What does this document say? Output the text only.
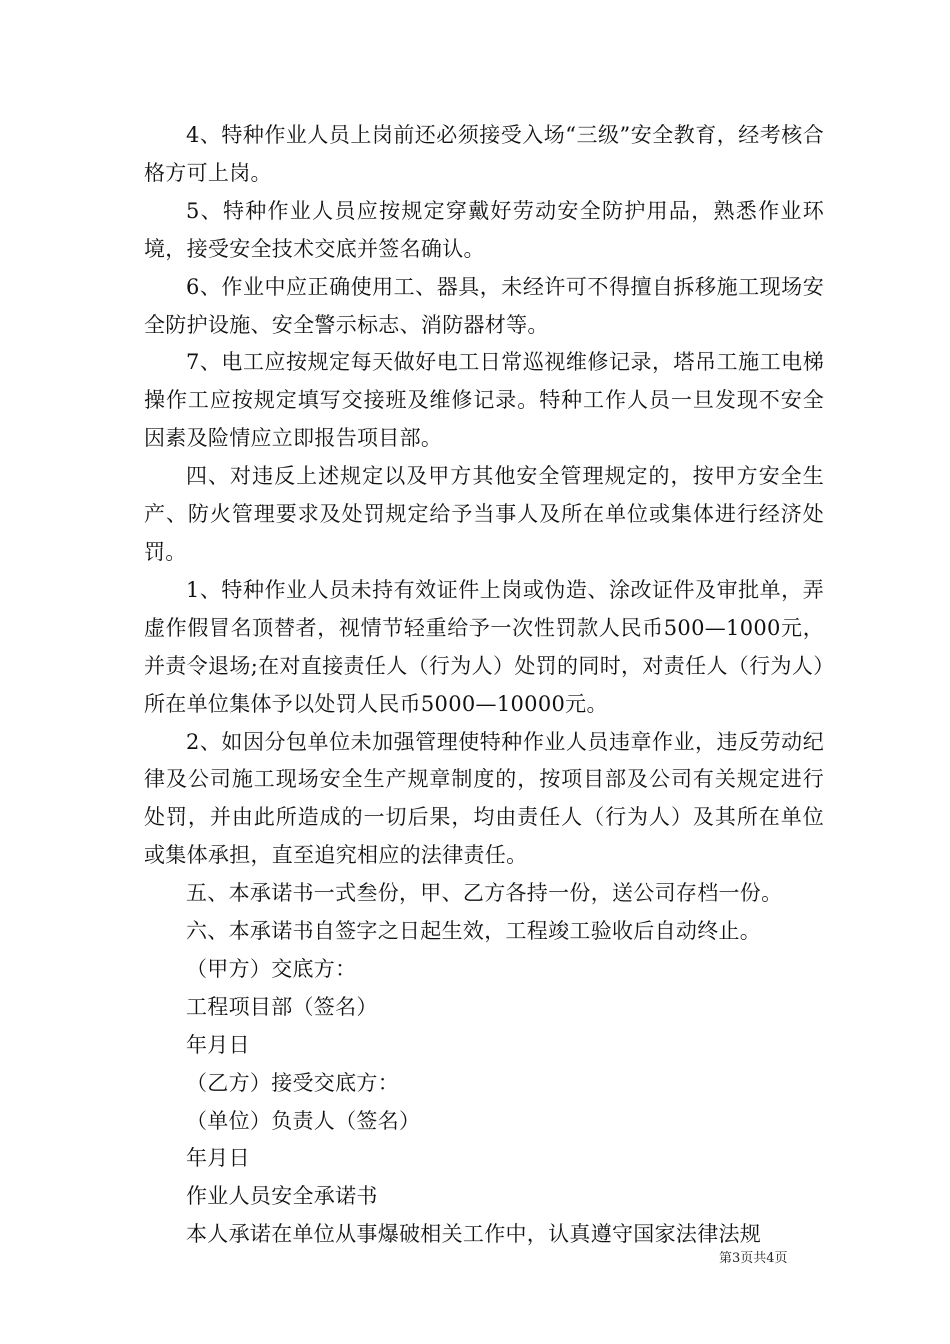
4、特种作业人员上岗前还必须接受入场“三级”安全教育，经考核合格方可上岗。

5、特种作业人员应按规定穿戴好劳动安全防护用品，熟悉作业环境，接受安全技术交底并签名确认。

6、作业中应正确使用工、器具，未经许可不得擅自拆移施工现场安全防护设施、安全警示标志、消防器材等。

7、电工应按规定每天做好电工日常巡视维修记录，塔吊工施工电梯操作工应按规定填写交接班及维修记录。特种工作人员一旦发现不安全因素及险情应立即报告项目部。

四、对违反上述规定以及甲方其他安全管理规定的，按甲方安全生产、防火管理要求及处罚规定给予当事人及所在单位或集体进行经济处罚。

1、特种作业人员未持有效证件上岗或伪造、涂改证件及审批单，弄虚作假冒名顶替者，视情节轻重给予一次性罚款人民币500—1000元，并责令退场;在对直接责任人（行为人）处罚的同时，对责任人（行为人）所在单位集体予以处罚人民币5000—10000元。

2、如因分包单位未加强管理使特种作业人员违章作业，违反劳动纪律及公司施工现场安全生产规章制度的，按项目部及公司有关规定进行处罚，并由此所造成的一切后果，均由责任人（行为人）及其所在单位或集体承担，直至追究相应的法律责任。

五、本承诺书一式叁份，甲、乙方各持一份，送公司存档一份。

六、本承诺书自签字之日起生效，工程竣工验收后自动终止。

（甲方）交底方：

工程项目部（签名）

年月日

（乙方）接受交底方：

（单位）负责人（签名）

年月日

作业人员安全承诺书

本人承诺在单位从事爆破相关工作中，认真遵守国家法律法规

第3页共4页
